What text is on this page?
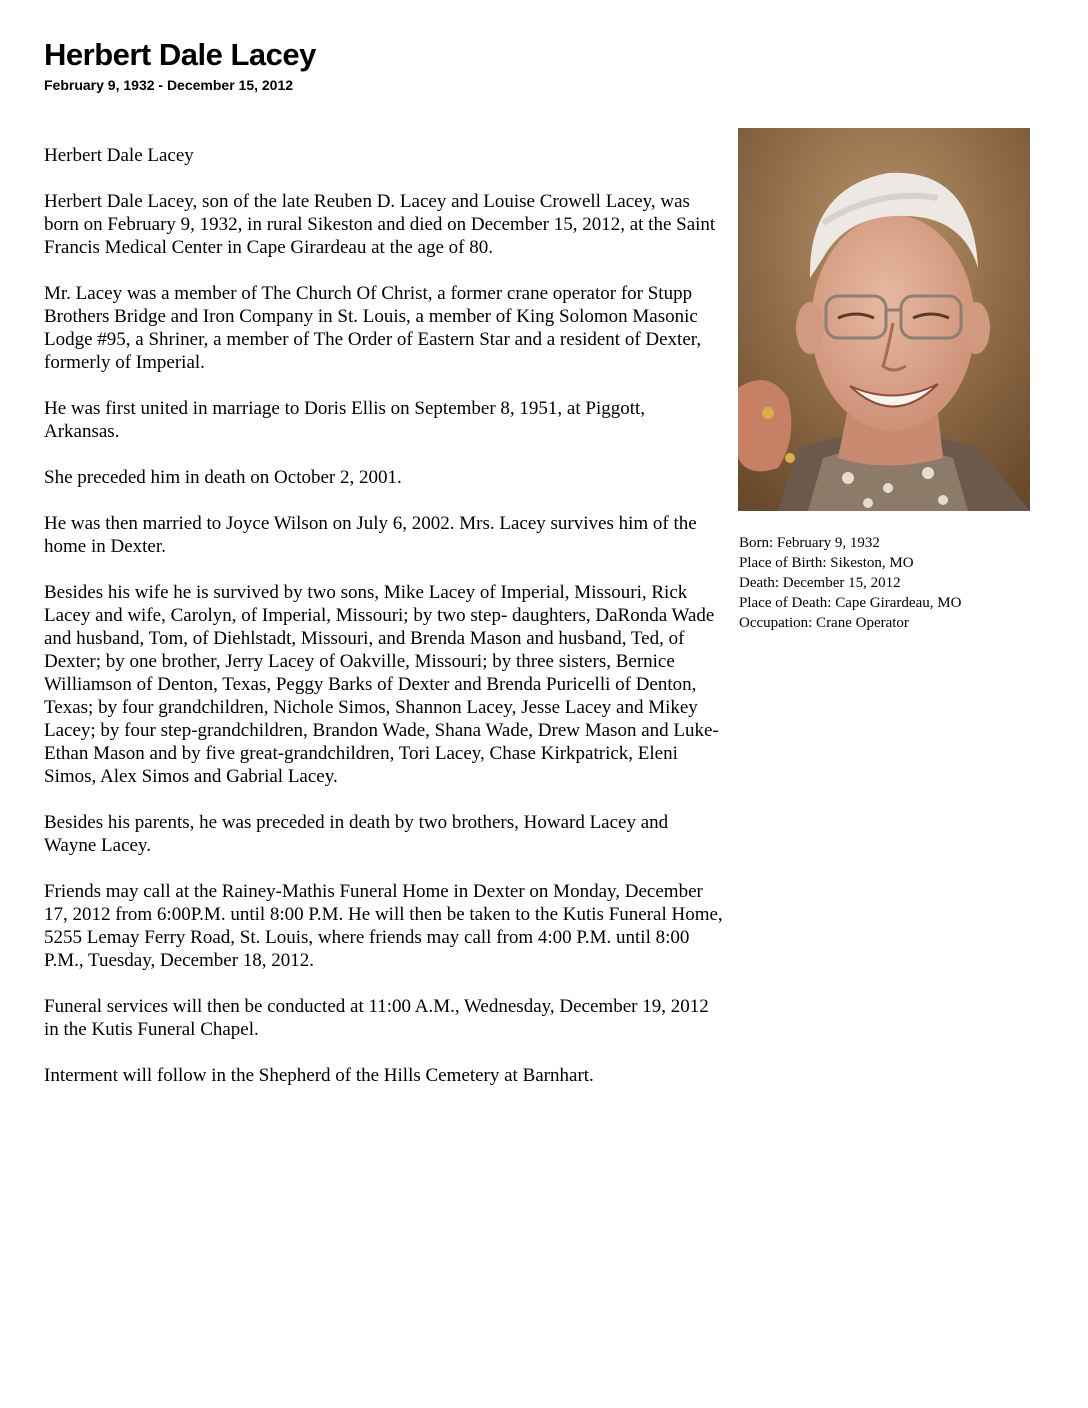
Herbert Dale Lacey
February 9, 1932 - December 15, 2012

Herbert Dale Lacey

Herbert Dale Lacey, son of the late Reuben D. Lacey and Louise Crowell Lacey, was born on February 9, 1932, in rural Sikeston and died on December 15, 2012, at the Saint Francis Medical Center in Cape Girardeau at the age of 80.

Mr. Lacey was a member of The Church Of Christ, a former crane operator for Stupp Brothers Bridge and Iron Company in St. Louis, a member of King Solomon Masonic Lodge #95, a Shriner, a member of The Order of Eastern Star and a resident of Dexter, formerly of Imperial.

He was first united in marriage to Doris Ellis on September 8, 1951, at Piggott, Arkansas.

She preceded him in death on October 2, 2001.

He was then married to Joyce Wilson on July 6, 2002. Mrs. Lacey survives him of the home in Dexter.

Besides his wife he is survived by two sons, Mike Lacey of Imperial, Missouri, Rick Lacey and wife, Carolyn, of Imperial, Missouri; by two step- daughters, DaRonda Wade and husband, Tom, of Diehlstadt, Missouri, and Brenda Mason and husband, Ted, of Dexter; by one brother, Jerry Lacey of Oakville, Missouri; by three sisters, Bernice Williamson of Denton, Texas, Peggy Barks of Dexter and Brenda Puricelli of Denton, Texas; by four grandchildren, Nichole Simos, Shannon Lacey, Jesse Lacey and Mikey Lacey; by four step-grandchildren, Brandon Wade, Shana Wade, Drew Mason and Luke-Ethan Mason and by five great-grandchildren, Tori Lacey, Chase Kirkpatrick, Eleni Simos, Alex Simos and Gabrial Lacey.

Besides his parents, he was preceded in death by two brothers, Howard Lacey and Wayne Lacey.

Friends may call at the Rainey-Mathis Funeral Home in Dexter on Monday, December 17, 2012 from 6:00P.M. until 8:00 P.M. He will then be taken to the Kutis Funeral Home, 5255 Lemay Ferry Road, St. Louis, where friends may call from 4:00 P.M. until 8:00 P.M., Tuesday, December 18, 2012.

Funeral services will then be conducted at 11:00 A.M., Wednesday, December 19, 2012 in the Kutis Funeral Chapel.

Interment will follow in the Shepherd of the Hills Cemetery at Barnhart.

Born: February 9, 1932
Place of Birth: Sikeston, MO
Death: December 15, 2012
Place of Death: Cape Girardeau, MO
Occupation: Crane Operator
